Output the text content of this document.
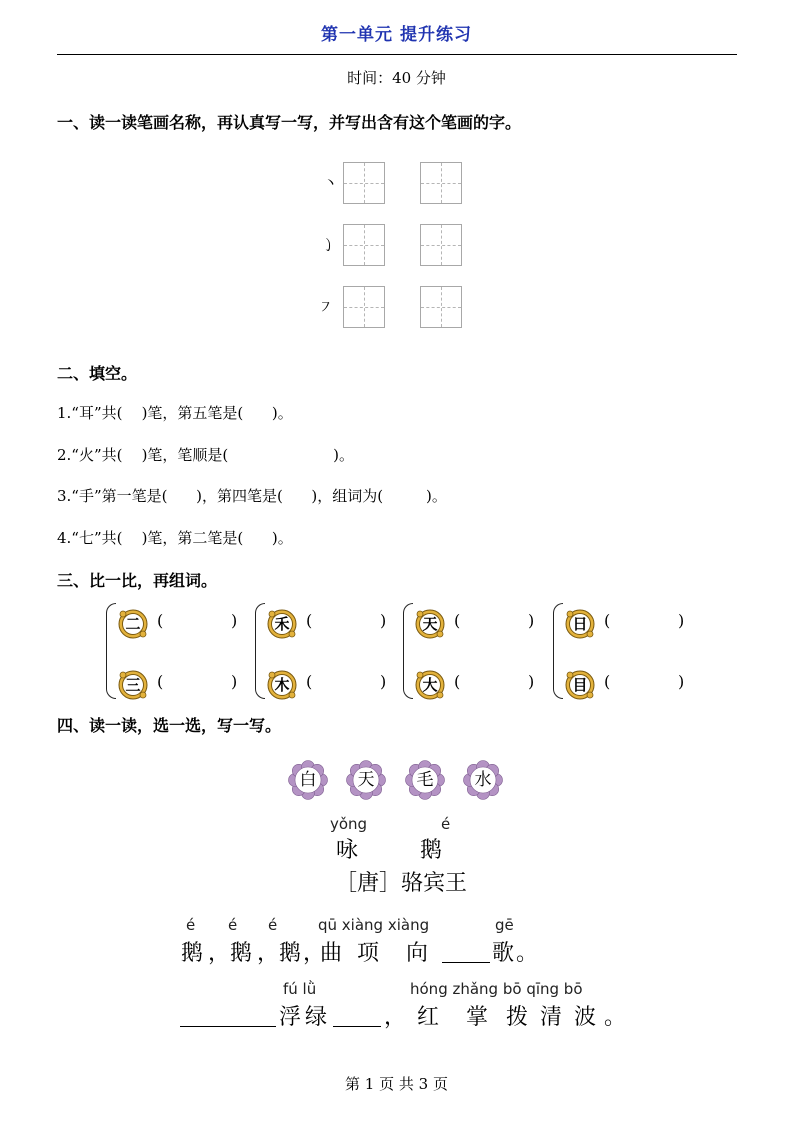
第一单元 提升练习
时间：40 分钟
一、读一读笔画名称，再认真写一写，并写出含有这个笔画的字。
丶
㇁
㇇
二、填空。
1.“耳”共(    )笔，第五笔是(      )。
2.“火”共(    )笔，笔顺是(                      )。
3.“手”第一笔是(      )，第四笔是(      )，组词为(         )。
4.“七”共(    )笔，第二笔是(      )。
三、比一比，再组词。
二	(	)
三	(	)
禾	(	)
木	(	)
天	(	)
大	(	)
日	(	)
目	(	)
四、读一读，选一选，写一写。
白	天	毛	水
yǒng	é
咏	鹅
［唐］骆宾王
é é é	qū xiàng xiàng	gē
鹅 ，鹅 ，鹅 ，
曲 项 向	歌 。
fú lǜ	hóng zhǎng bō qīng bō
浮绿 ， 红 掌 拨 清 波 。
第 1 页 共 3 页
